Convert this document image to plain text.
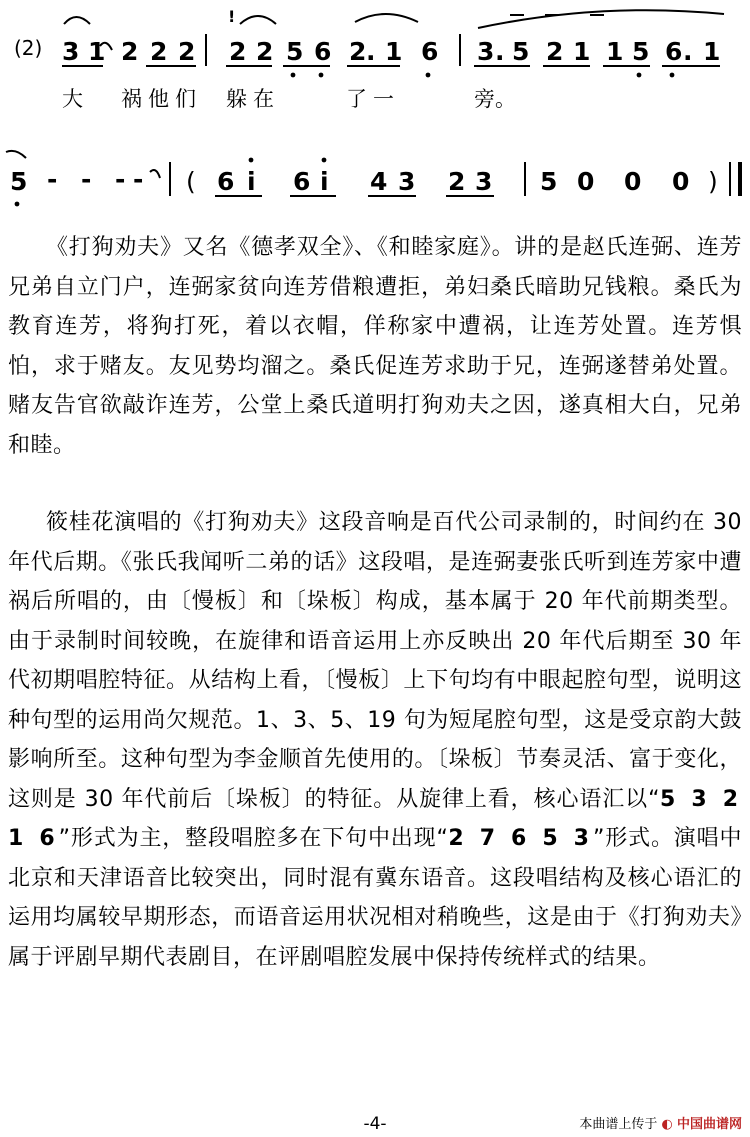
(2)
!
3 1 2 2 2 2 2 5 6 2 . 1 6 3 . 5 2 1 1 5 6 . 1
大 祸 他 们 躲 在	了 一	旁。
5 - - - - ( 6 i 6 i 4 3 2 3 5 0 0 0 )

《打狗劝夫》又名《德孝双全》、《和睦家庭》。讲的是赵氏连弼、连芳兄弟自立门户，连弼家贫向连芳借粮遭拒，弟妇桑氏暗助兄钱粮。桑氏为教育连芳，将狗打死，着以衣帽，佯称家中遭祸，让连芳处置。连芳惧怕，求于赌友。友见势均溜之。桑氏促连芳求助于兄，连弼遂替弟处置。赌友告官欲敲诈连芳，公堂上桑氏道明打狗劝夫之因，遂真相大白，兄弟和睦。

筱桂花演唱的《打狗劝夫》这段音响是百代公司录制的，时间约在 30 年代后期。《张氏我闻听二弟的话》这段唱，是连弼妻张氏听到连芳家中遭祸后所唱的，由〔慢板〕和〔垛板〕构成，基本属于 20 年代前期类型。由于录制时间较晚，在旋律和语音运用上亦反映出 20 年代后期至 30 年代初期唱腔特征。从结构上看，〔慢板〕上下句均有中眼起腔句型，说明这种句型的运用尚欠规范。1、3、5、19 句为短尾腔句型，这是受京韵大鼓影响所至。这种句型为李金顺首先使用的。〔垛板〕节奏灵活、富于变化，这则是 30 年代前后〔垛板〕的特征。从旋律上看，核心语汇以“5 3 2 1 6”形式为主，整段唱腔多在下句中出现“2 7 6 5 3”形式。演唱中北京和天津语音比较突出，同时混有冀东语音。这段唱结构及核心语汇的运用均属较早期形态，而语音运用状况相对稍晚些，这是由于《打狗劝夫》属于评剧早期代表剧目，在评剧唱腔发展中保持传统样式的结果。

-4-	本曲谱上传于 ◐ 中国曲谱网
